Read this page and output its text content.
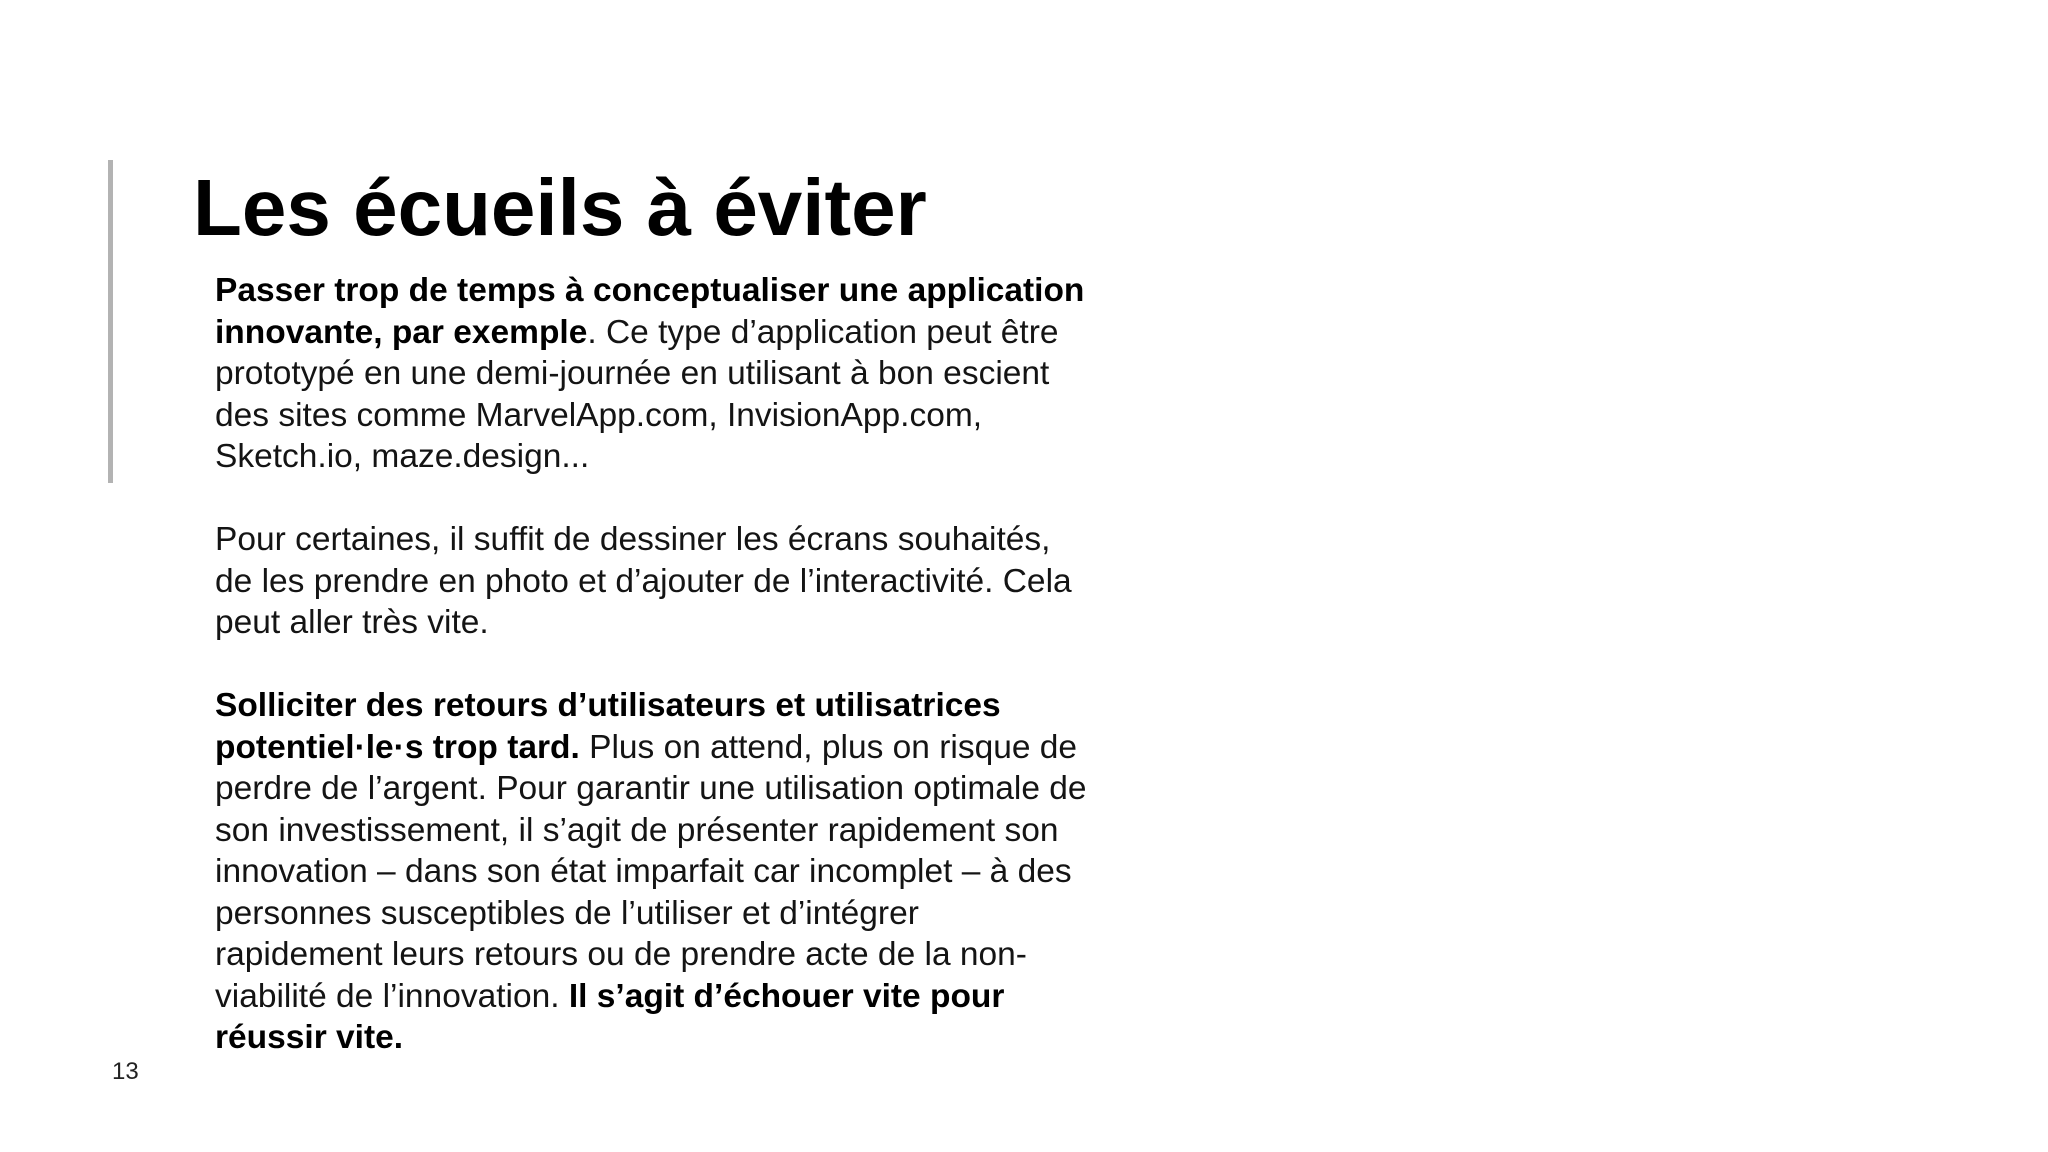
Les écueils à éviter

Passer trop de temps à conceptualiser une application innovante, par exemple. Ce type d’application peut être prototypé en une demi-journée en utilisant à bon escient des sites comme MarvelApp.com, InvisionApp.com, Sketch.io, maze.design...

Pour certaines, il suffit de dessiner les écrans souhaités, de les prendre en photo et d’ajouter de l’interactivité. Cela peut aller très vite.

Solliciter des retours d’utilisateurs et utilisatrices potentiel·le·s trop tard. Plus on attend, plus on risque de perdre de l’argent. Pour garantir une utilisation optimale de son investissement, il s’agit de présenter rapidement son innovation – dans son état imparfait car incomplet – à des personnes susceptibles de l’utiliser et d’intégrer rapidement leurs retours ou de prendre acte de la non-viabilité de l’innovation. Il s’agit d’échouer vite pour réussir vite.

13
